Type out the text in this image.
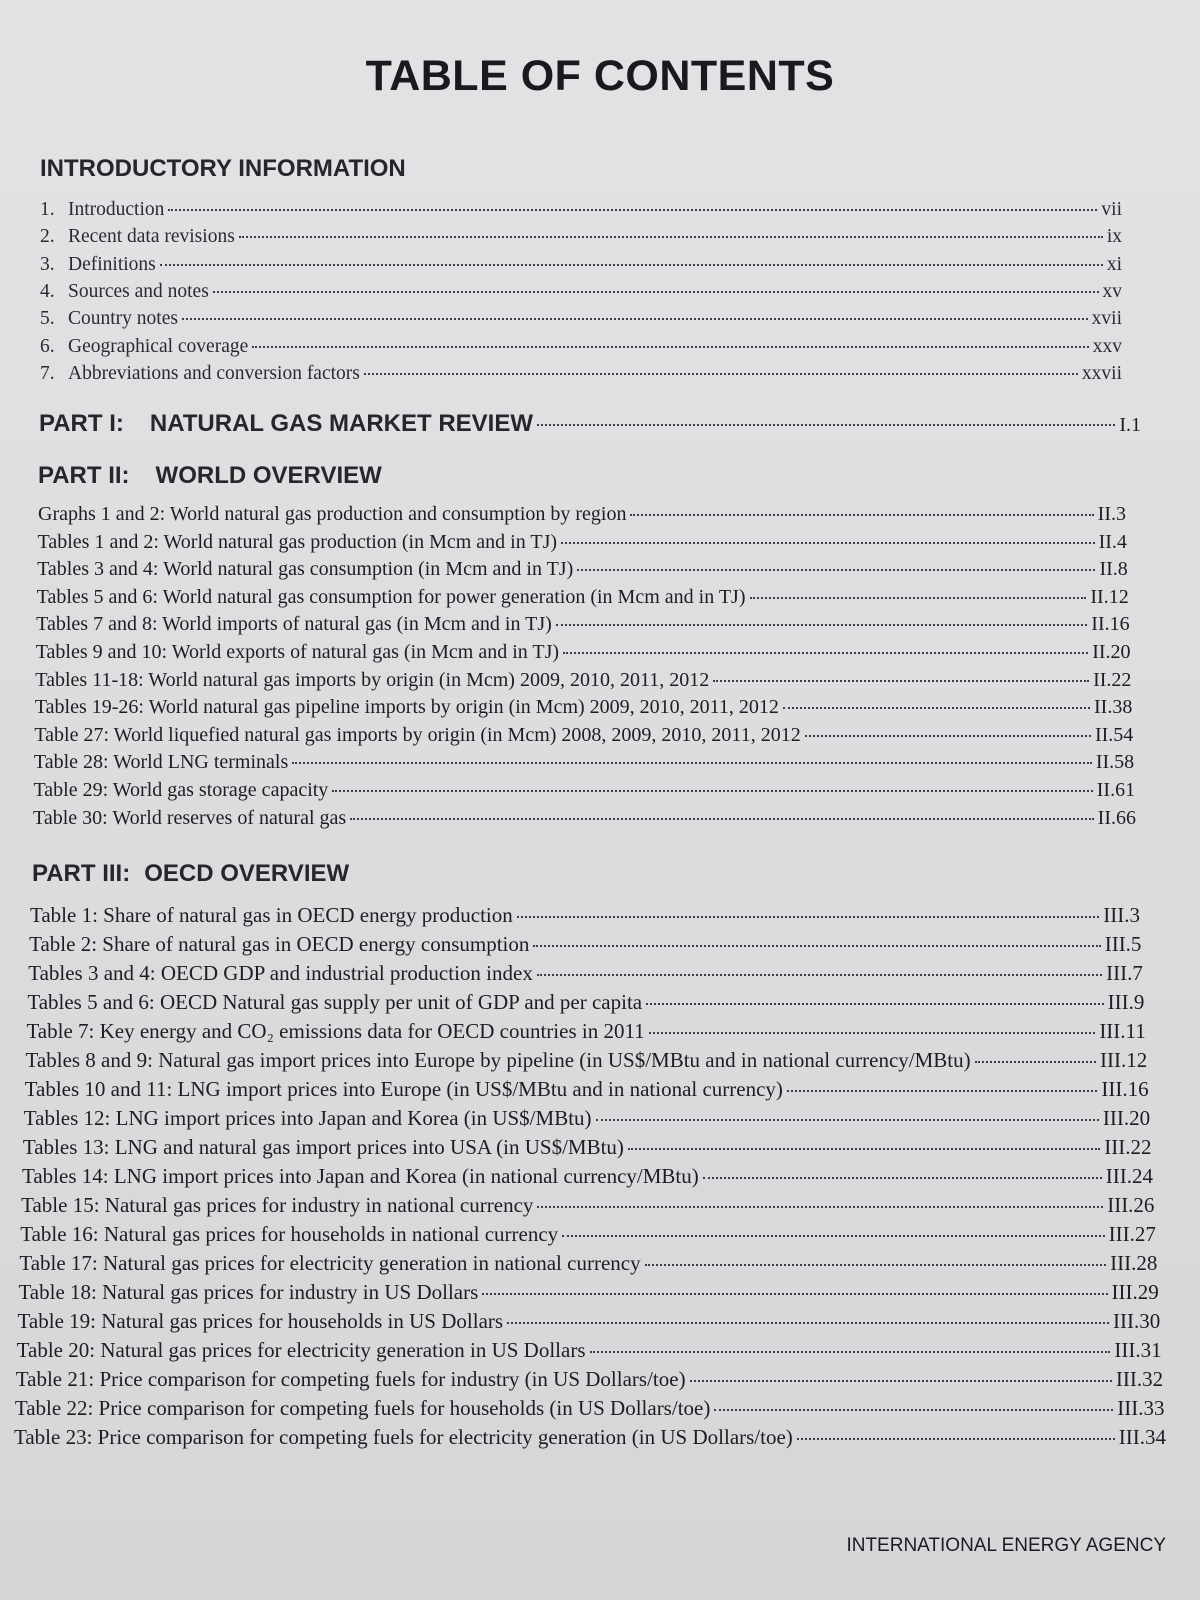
TABLE OF CONTENTS
INTRODUCTORY INFORMATION
1. Introduction	vii
2. Recent data revisions	ix
3. Definitions	xi
4. Sources and notes	xv
5. Country notes	xvii
6. Geographical coverage	xxv
7. Abbreviations and conversion factors	xxvii
PART I: NATURAL GAS MARKET REVIEW	I.1
PART II: WORLD OVERVIEW
Graphs 1 and 2: World natural gas production and consumption by region	II.3
Tables 1 and 2: World natural gas production (in Mcm and in TJ)	II.4
Tables 3 and 4: World natural gas consumption (in Mcm and in TJ)	II.8
Tables 5 and 6: World natural gas consumption for power generation (in Mcm and in TJ)	II.12
Tables 7 and 8: World imports of natural gas (in Mcm and in TJ)	II.16
Tables 9 and 10: World exports of natural gas (in Mcm and in TJ)	II.20
Tables 11-18: World natural gas imports by origin (in Mcm) 2009, 2010, 2011, 2012	II.22
Tables 19-26: World natural gas pipeline imports by origin (in Mcm) 2009, 2010, 2011, 2012	II.38
Table 27: World liquefied natural gas imports by origin (in Mcm) 2008, 2009, 2010, 2011, 2012	II.54
Table 28: World LNG terminals	II.58
Table 29: World gas storage capacity	II.61
Table 30: World reserves of natural gas	II.66
PART III: OECD OVERVIEW
Table 1: Share of natural gas in OECD energy production	III.3
Table 2: Share of natural gas in OECD energy consumption	III.5
Tables 3 and 4: OECD GDP and industrial production index	III.7
Tables 5 and 6: OECD Natural gas supply per unit of GDP and per capita	III.9
Table 7: Key energy and CO₂ emissions data for OECD countries in 2011	III.11
Tables 8 and 9: Natural gas import prices into Europe by pipeline (in US$/MBtu and in national currency/MBtu)	III.12
Tables 10 and 11: LNG import prices into Europe (in US$/MBtu and in national currency)	III.16
Tables 12: LNG import prices into Japan and Korea (in US$/MBtu)	III.20
Tables 13: LNG and natural gas import prices into USA (in US$/MBtu)	III.22
Tables 14: LNG import prices into Japan and Korea (in national currency/MBtu)	III.24
Table 15: Natural gas prices for industry in national currency	III.26
Table 16: Natural gas prices for households in national currency	III.27
Table 17: Natural gas prices for electricity generation in national currency	III.28
Table 18: Natural gas prices for industry in US Dollars	III.29
Table 19: Natural gas prices for households in US Dollars	III.30
Table 20: Natural gas prices for electricity generation in US Dollars	III.31
Table 21: Price comparison for competing fuels for industry (in US Dollars/toe)	III.32
Table 22: Price comparison for competing fuels for households (in US Dollars/toe)	III.33
Table 23: Price comparison for competing fuels for electricity generation (in US Dollars/toe)	III.34
INTERNATIONAL ENERGY AGENCY
